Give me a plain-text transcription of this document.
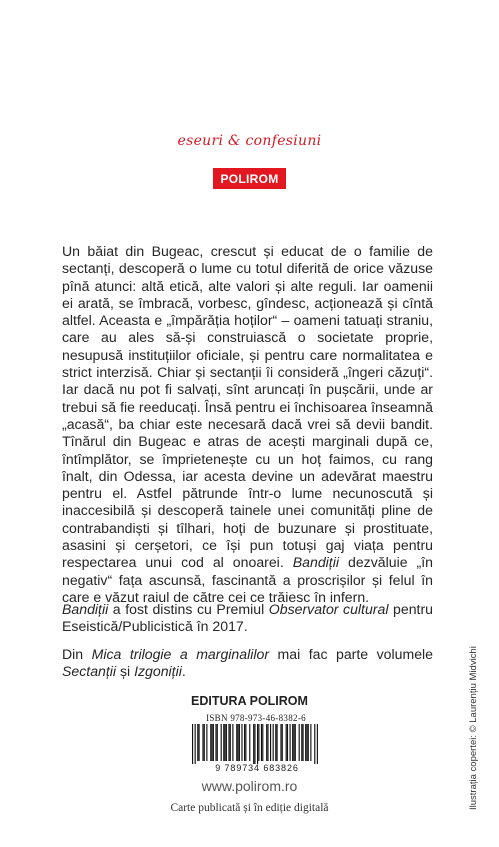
eseuri & confesiuni
POLIROM
Un băiat din Bugeac, crescut și educat de o familie de sectanți, descoperă o lume cu totul diferită de orice văzuse pînă atunci: altă etică, alte valori și alte reguli. Iar oamenii ei arată, se îmbracă, vorbesc, gîndesc, acționează și cîntă altfel. Aceasta e „împărăția hoților“ – oameni tatuați straniu, care au ales să-și construiască o societate proprie, nesupusă instituțiilor oficiale, și pentru care normalitatea e strict interzisă. Chiar și sectanții îi consideră „îngeri căzuți“. Iar dacă nu pot fi salvați, sînt aruncați în pușcării, unde ar trebui să fie reeducați. Însă pentru ei închisoarea înseamnă „acasă“, ba chiar este necesară dacă vrei să devii bandit. Tînărul din Bugeac e atras de acești marginali după ce, întîmplător, se împrietenește cu un hoț faimos, cu rang înalt, din Odessa, iar acesta devine un adevărat maestru pentru el. Astfel pătrunde într-o lume necunoscută și inaccesibilă și descoperă tainele unei comunități pline de contrabandiști și tîlhari, hoți de buzunare și prostituate, asasini și cerșetori, ce își pun totuși gaj viața pentru respectarea unui cod al onoarei. Bandiții dezvăluie „în negativ“ fața ascunsă, fascinantă a proscrișilor și felul în care e văzut raiul de către cei ce trăiesc în infern.
Bandiții a fost distins cu Premiul Observator cultural pentru Eseistică/Publicistică în 2017.
Din Mica trilogie a marginalilor mai fac parte volumele Sectanții și Izgoniții.
EDITURA POLIROM
ISBN 978-973-46-8382-6
9 789734 683826
www.polirom.ro
Carte publicată și în ediție digitală	Ilustrația copertei: © Laurențiu Midvichi
